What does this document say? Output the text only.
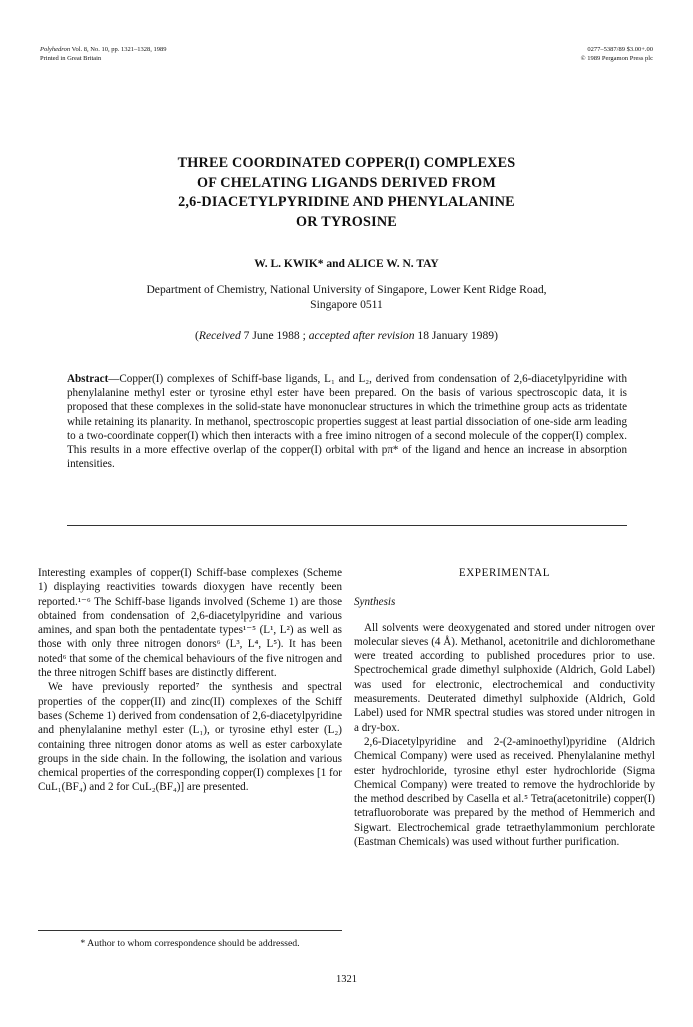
Polyhedron Vol. 8, No. 10, pp. 1321–1328, 1989
Printed in Great Britain
0277–5387/89 $3.00+.00
© 1989 Pergamon Press plc
THREE COORDINATED COPPER(I) COMPLEXES
OF CHELATING LIGANDS DERIVED FROM
2,6-DIACETYLPYRIDINE AND PHENYLALANINE
OR TYROSINE
W. L. KWIK* and ALICE W. N. TAY
Department of Chemistry, National University of Singapore, Lower Kent Ridge Road,
Singapore 0511
(Received 7 June 1988 ; accepted after revision 18 January 1989)
Abstract—Copper(I) complexes of Schiff-base ligands, L₁ and L₂, derived from condensation of 2,6-diacetylpyridine with phenylalanine methyl ester or tyrosine ethyl ester have been prepared. On the basis of various spectroscopic data, it is proposed that these complexes in the solid-state have mononuclear structures in which the trimethine group acts as tridentate while retaining its planarity. In methanol, spectroscopic properties suggest at least partial dissociation of one-side arm leading to a two-coordinate copper(I) which then interacts with a free imino nitrogen of a second molecule of the copper(I) complex. This results in a more effective overlap of the copper(I) orbital with pπ* of the ligand and hence an increase in absorption intensities.

Interesting examples of copper(I) Schiff-base complexes (Scheme 1) displaying reactivities towards dioxygen have recently been reported.¹⁻⁶ The Schiff-base ligands involved (Scheme 1) are those obtained from condensation of 2,6-diacetylpyridine and various amines, and span both the pentadentate types¹⁻⁵ (L¹, L²) as well as those with only three nitrogen donors⁶ (L³, L⁴, L⁵). It has been noted⁶ that some of the chemical behaviours of the five nitrogen and the three nitrogen Schiff bases are distinctly different.

We have previously reported⁷ the synthesis and spectral properties of the copper(II) and zinc(II) complexes of the Schiff bases (Scheme 1) derived from condensation of 2,6-diacetylpyridine and phenylalanine methyl ester (L₁), or tyrosine ethyl ester (L₂) containing three nitrogen donor atoms as well as ester carboxylate groups in the side chain. In the following, the isolation and various chemical properties of the corresponding copper(I) complexes [1 for CuL₁(BF₄) and 2 for CuL₂(BF₄)] are presented.

* Author to whom correspondence should be addressed.
EXPERIMENTAL
Synthesis

All solvents were deoxygenated and stored under nitrogen over molecular sieves (4 Å). Methanol, acetonitrile and dichloromethane were treated according to published procedures prior to use. Spectrochemical grade dimethyl sulphoxide (Aldrich, Gold Label) was used for electronic, electrochemical and conductivity measurements. Deuterated dimethyl sulphoxide (Aldrich, Gold Label) used for NMR spectral studies was stored under nitrogen in a dry-box.

2,6-Diacetylpyridine and 2-(2-aminoethyl)pyridine (Aldrich Chemical Company) were used as received. Phenylalanine methyl ester hydrochloride, tyrosine ethyl ester hydrochloride (Sigma Chemical Company) were treated to remove the hydrochloride by the method described by Casella et al.⁵ Tetra(acetonitrile) copper(I) tetrafluoroborate was prepared by the method of Hemmerich and Sigwart. Electrochemical grade tetraethylammonium perchlorate (Eastman Chemicals) was used without further purification.

1321
